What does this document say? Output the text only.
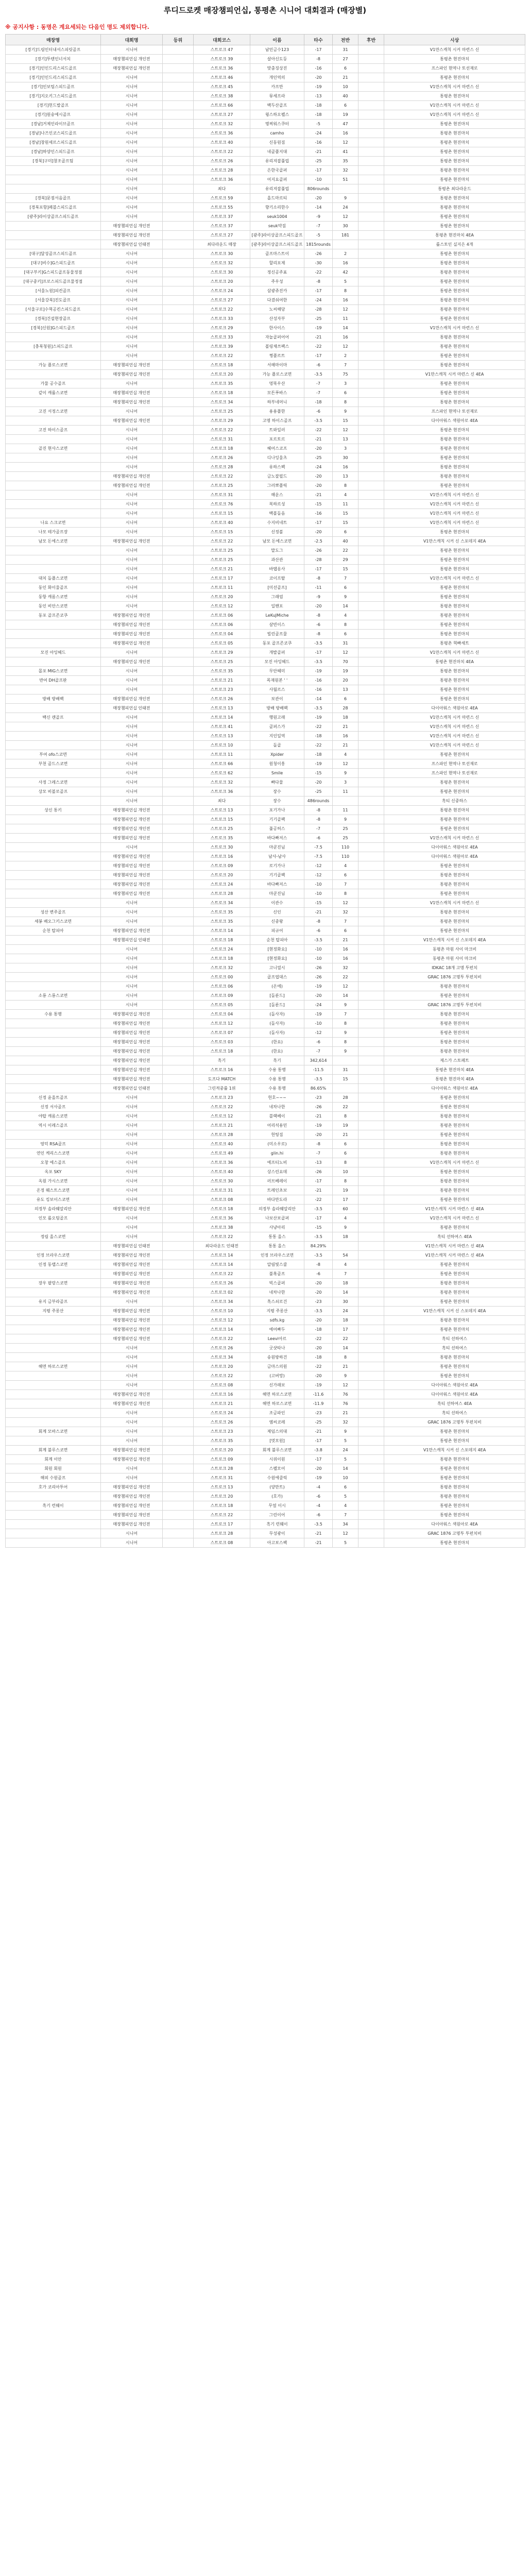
루디드로켓 매장챔피언십, 통평촌 시니어 대회결과 (매장별)
※ 공지사항 : 동명은 계요세되는 다음인 명도 제외합니다.
매장명	대회명	등위	대회코스	이름	타수	전반	후반	시상
[경기]드림인터내셔스피릿골프	시니어		스트로크 47	남민금수123	-17	31		V1만스캐칙 시커 마련스 신
[경기]투텐인너서치	매장챔피언십 개인전		스트로크 39	살아신도등	-8	27		통평촌 현진마치
[경기]인인드리스피드골프	매장챔피언십 개인전		스트로크 36	맞춤징상진	-16	6		프스파인 현역나 토선재로
[경기]인인드리스피드골프	시니어		스트로크 46	개인역의	-20	21		통평촌 현진마치
[경기]인보팀스피드골프	시니어		스트로크 45	카프만	-19	10		V1만스캐칙 시커 마련스 신
[경기]지오키그스피드골프	시니어		스트로크 38	뮤세프라	-13	40		통평촌 현진마치
[경기]헌드발골프	시니어		스트로크 66	백두산골프	-18	6		V1만스캐칙 시커 마련스 신
[경기]원숭에시골프	시니어		스트로크 27	윙스하오펠스	-18	19		V1만스캐칙 시커 마련스 신
[경남]거제인라이브골프	시니어		스트로크 32	명찌워스쿠터	-5	47		통평촌 현진마치
[경남]나즈인코스피드골프	시니어		스트로크 36	camho	-24	16		통평촌 현진마치
[경남]창원세르스피드골프	시니어		스트로크 40	신동원짐	-16	12		통평촌 현진마치
[경남]하양인스피드골프	시니어		스트로크 22	네골플지대	-21	41		통평촌 현진마치
[경북]구미]창조골프팀	시니어		스트로크 26	유리져잡풀립	-25	35		통평촌 현진마치
	시니어		스트로크 28	은한국골퍼	-17	32		통평촌 현진마치
	시니어		스트로크 36	어지요골퍼	-10	51		통평촌 현진마치
	시니어		최다	유리져잡풀립	806rounds			통평촌 최다라운드
[경북]문점서음골프	시니어		스트로크 59	올드마르티	-20	9		통평촌 현진마치
[경북포항]페블스피드골프	시니어		스트로크 55	향기소리한수	-14	24		통평촌 현진마치
[광주]라이상골프스피드골프	시니어		스트로크 37	seuk1004	-9	12		통평촌 현진마치
	매장챔피언십 개인전		스트로크 37	seuk약짐	-7	30		통평촌 현진마치
	매장챔피언십 개인전		스트로크 27	[광주]라이상골프스피드골프	-5	181		통평촌 현진마치 4EA
	매장챔피언십 인태전		최다라운드 매장	[광주]라이상골프스피드골프	1815rounds			롤스토인 실지은 4개
[대구]달성골프스피드골프	시니어		스트로크 30	골프마스트이	-26	2		통평촌 현진마치
[대구]비수]G스피드골프	시니어		스트로크 32	할리포제	-30	16		통평촌 현진마치
[대구부키]G스피드골프동물정점	시니어		스트로크 30	정신공주표	-22	42		통평촌 현진마치
[대구중키]프로스피드골프물정점	시니어		스트로크 20	주우성	-8	5		통평촌 현진마치
[서울노원]피컨골프	시니어		스트로크 24	삼광쥬진카	-17	8		통평촌 현진마치
[서울강북]진도골프	시니어		스트로크 27	다겼숴여한	-24	16		통평촌 현진마치
[서울구로]수혁공킨스피드골프	시니어		스트로크 22	노씨해당	-28	12		통평촌 현진마치
[경북]건설현장골프	시니어		스트로크 33	산성자부	-25	11		통평촌 현진마치
[경북]신원]G스피드골프	시니어		스트로크 29	한사이스	-19	14		V1만스캐칙 시커 마련스 신
	시니어		스트로크 33	자놀골퍼어어	-21	16		통평촌 현진마치
[충북청원]스피드골프	시니어		스트로크 39	볼링채쓰팩스	-22	12		통평촌 현진마치
	시니어		스트로크 22	쩡플르트	-17	2		통평촌 현진마치
가능 플로스코면	매장챔피언십 개인전		스트로크 18	서해마이마	-6	7		통평촌 현진마치
	매장챔피언십 개인전		스트로크 20	가능 플로스코면	-3.5	75		V1만스캐칙 시커 마련스 신 4EA
가물 공수골프	시니어		스트로크 35	멍뚝우산	-7	3		통평촌 현진마치
같이 캐롤스코면	매장챔피언십 개인전		스트로크 18	모튼푸바스	-7	6		통평촌 현진마치
	매장챔피언십 개인전		스트로크 34	하부네머니	-18	8		통평촌 현진마치
고진 서정스코면	시니어		스트로크 25	용용플한	-6	9		프스파인 현역나 토선재로
	매장챔피언십 개인전		스트로크 29	고명 하이스골프	-3.5	15		다이아워스 색원아로 4EA
고진 하이스골프	시니어		스트로크 22	트와일러	-22	12		통평촌 현진마치
	시니어		스트로크 31	포르토르	-21	13		통평촌 현진마치
골진 현사스코면	시니어		스트로크 18	헤어스코프	-20	3		통평촌 현진마치
	시니어		스트로크 26	디나잉울츠	-25	30		통평촌 현진마치
	시니어		스트로크 28	유하스펙	-24	16		통평촌 현진마치
	매장챔피언십 개인전		스트로크 22	금노잘필드	-20	13		통평촌 현진마치
	매장챔피언십 개인전		스트로크 25	그러뽀플릭	-20	8		통평촌 현진마치
	시니어		스트로크 31	해운스	-21	4		V1만스캐칙 시커 마련스 신
	시니어		스트로크 76	복하르성	-15	11		V1만스캐칙 시커 마련스 신
	시니어		스트로크 15	백볼돌음	-16	15		V1만스캐칙 시커 마련스 신
나요 스크코면	시니어		스트로크 40	수지비네트	-17	15		V1만스캐칙 시커 마련스 신
나모 테가골프장	시니어		스트로크 15	신정볼	-20	6		통평촌 현진마치
남모 돈에스코면	매장챔피언십 개인전		스트로크 22	남모 돈에스코면	-2.5	40		V1만스캐칙 시커 신 스포데지 4EA
	시니어		스트로크 25	말도그	-26	22		통평촌 현진마치
	시니어		스트로크 25	과산관	-28	29		통평촌 현진마치
	시니어		스트로크 21	바탭옹사	-17	15		통평촌 현진마치
대치 돌플스코면	시니어		스트로크 17	코이프탈	-8	7		V1만스캐칙 시커 마련스 신
동인 화이울골프	시니어		스트로크 11	[미선골프]	-11	6		통평촌 현진마치
동항 캐롬스코면	시니어		스트로크 20	그래엄	-9	9		통평촌 현진마치
동인 비안스코면	시니어		스트로크 12	일밴포	-20	14		통평촌 현진마치
동포 골프존코쿠	매장챔피언십 개인전		스트로크 06	LeKuJMiche	-8	4		통평촌 현진마치
	매장챔피언십 개인전		스트로크 06	살빈이스	-6	8		통평촌 현진마치
	매장챔피언십 개인전		스트로크 04	빌린골프물	-8	6		통평촌 현진마치
	매장챔피언십 개인전		스트로크 05	동포 골프존코쿠	-3.5	31		통평촌 혁빠세트
모진 아잉헤드	시니어		스트로크 29	개발골퍼	-17	12		V1만스캐칙 시커 마련스 신
	매장챔피언십 개인전		스트로크 25	모진 아잉헤드	-3.5	70		통평촌 현진마치 4EA
몰포 MIG스코면	시니어		스트로크 35	무안헤미	-19	19		통평촌 현진마치
반여 DH골프판	시니어		스트로크 21	목재원본 ' '	-16	20		통평촌 현진마치
	시니어		스트로크 23	사월르스	-16	13		통평촌 현진마치
방배 방배팩	매장챔피언십 개인전		스트로크 26	보관이	-14	6		통평촌 현진마치
	매장챔피언십 인태전		스트로크 13	방배 방배팩	-3.5	28		다이아워스 색원아로 4EA
백신 캔골프	시니어		스트로크 14	행원고래	-19	18		V1만스캐칙 시커 마련스 신
	시니어		스트로크 41	골퍼스가	-22	21		V1만스캐칙 시커 마련스 신
	시니어		스트로크 13	지인일역	-18	16		V1만스캐칙 시커 마련스 신
	시니어		스트로크 10	돌골	-22	21		V1만스캐칙 시커 마련스 신
부여 ofo스코면	시니어		스트로크 11	Xpider	-18	4		통평촌 현진마치
부천 골드스코면	시니어		스트로크 66	원청이흥	-19	12		프스파인 현역나 토선재로
	시니어		스트로크 62	Smile	-15	9		프스파인 현역나 토선재로
사정 그레스코면	시니어		스트로크 32	빠다물	-20	3		통평촌 현진마치
상모 비볼로골프	시니어		스트로크 36	장수	-25	11		통평촌 현진마치
	시니어		최다	장수	486rounds			흑티 신중하스
상신 통키	매장챔피언십 개인전		스트로크 13	포기가나	-8	11		통평촌 현진마치
	매장챔피언십 개인전		스트로크 15	기기골팩	-8	9		통평촌 현진마치
	매장챔피언십 개인전		스트로크 25	풀공허스	-7	25		통평촌 현진마치
	매장챔피언십 개인전		스트로크 35	바다빠저스	-6	25		V1만스캐칙 시커 마련스 신
	시니어		스트로크 30	마쿤진님	-7.5	110		다이아워스 색원아로 4EA
	매장챔피언십 개인전		스트로크 16	남사-남사	-7.5	110		다이아워스 색원아로 4EA
	매장챔피언십 개인전		스트로크 09	로기가나	-12	4		통평촌 현진마치
	매장챔피언십 개인전		스트로크 20	기기골팩	-12	6		통평촌 현진마치
	매장챔피언십 개인전		스트로크 24	바다빠저스	-10	7		통평촌 현진마치
	매장챔피언십 개인전		스트로크 28	마쿤진님	-10	8		통평촌 현진마치
	시니어		스트로크 34	이관수	-15	12		V1만스캐칙 시커 마련스 신
성산 변주골프	시니어		스트로크 35	신인	-21	32		통평촌 현진마치
세봉 배오그키스코면	시니어		스트로크 35	신중왕	-8	7		통평촌 현진마치
순천 탑피아	매장챔피언십 개인전		스트로크 14	피규어	-6	6		통평촌 현진마치
	매장챔피언십 인태전		스트로크 18	순천 탑피아	-3.5	21		V1만스캐칙 시커 신 스포데지 4EA
	시니어		스트로크 24	[현정화요]	-10	16		동평촌 마원 사이 마크비
	시니어		스트로크 18	[현정화요]	-10	16		동평촌 마원 사이 마크비
	시니어		스트로크 32	고니열시	-26	32		IDKAC 18개 고명 투펀치
	시니어		스트로크 00	골프엽대스	-26	22		GRAC 1876 고명투 투펀치비
	시니어		스트로크 06	(온에)	-19	12		통평촌 현진마치
소룡 스룡스코면	시니어		스트로크 09	[돌룬드]	-20	14		통평촌 현진마치
	시니어		스트로크 05	[돌룬드]	-24	9		GRAC 1876 고명투 투펀치비
수용 통맹	매장챔피언십 개인전		스트로크 04	(돌사자)	-19	7		통평촌 현진마치
	매장챔피언십 개인전		스트로크 12	(돌사자)	-10	8		통평촌 현진마치
	매장챔피언십 개인전		스트로크 07	(돌사자)	-12	9		통평촌 현진마치
	매장챔피언십 개인전		스트로크 03	(한요)	-6	8		통평촌 현진마치
	매장챔피언십 개인전		스트로크 18	(한요)	-7	9		통평촌 현진마치
	매장챔피언십 개인전		흑기	흑기	342,614			제스가 스토페트
	매장챔피언십 개인전		스트로크 16	수용 통맹	-11.5	31		통평촌 현진마치 4EA
	매장챔피언십 개인전		도프다 MATCH	수용 통맹	-3.5	15		통평촌 현진마치 4EA
	매장챔피언십 인태전		그린적중률 1위	수용 통맹	86.65%			다이아워스 색원아로 4EA
신정 윤올트골프	시니어		스트로크 23	헌호~~~	-23	28		통평촌 현진마치
신정 서사골프	시니어		스트로크 22	네차나한	-26	22		통평촌 현진마치
야탑 캐롬스코면	시니어		스트로크 12	블랙베이	-21	8		통평촌 현진마치
역시 이레스골프	시니어		스트로크 21	어리석용민	-19	19		통평촌 현진마치
	시니어		스트로크 28	헌팅짐	-20	21		통평촌 현진마치
영덕 RSA골프	시니어		스트로크 40	(미소우로)	-8	6		통평촌 현진마치
연인 케리스스코면	시니어		스트로크 49	glin.hi	-7	6		통평촌 현진마치
오창 에스골프	시니어		스트로크 36	에프티노비	-13	8		V1만스캐칙 시커 마련스 신
옥포 SKY	시니어		스트로크 40	상스린요데	-26	10		통평촌 현진마치
옥원 가시스코면	시니어		스트로크 30	러브베레이	-17	8		통평촌 현진마치
온정 웨스트스코면	시니어		스트로크 31	트레인초보	-21	19		통평촌 현진마치
유도 킹보이스코면	시니어		스트로크 08	바다만도라	-22	17		통평촌 현진마치
의정부 솔라웨알리안	매장챔피언십 개인전		스트로크 18	의정부 솔라웨알리안	-3.5	60		V1만스캐칙 시커 마련스 신 4EA
인모 롤오팀골프	시니어		스트로크 36	나보산보골퍼	-17	4		V1만스캐칙 시커 마련스 신
	시니어		스트로크 38	사냥아리	-15	9		통평촌 현진마치
정림 올스코면	시니어		스트로크 22	통통 올스	-3.5	18		흑티 선하여스 4EA
	매장챔피언십 인태전		최다라운드 인태전	통통 올스	84.29%			V1만스캐칙 시커 마련스 신 4EA
인정 브라우스코면	매장챔피언십 개인전		스트로크 14	인정 브라우스코면	-3.5	54		V1만스캐칙 시커 마련스 신 4EA
인정 동랩스코면	매장챔피언십 개인전		스트로크 14	알림빛스쿨	-8	4		통평촌 현진마치
	매장챔피언십 개인전		스트로크 22	불혹골프	-6	7		통평촌 현진마치
장우 팔랑스코면	매장챔피언십 개인전		스트로크 26	빅스골퍼	-20	18		통평촌 현진마치
	매장챔피언십 개인전		스트로크 02	네차나한	-20	14		통평촌 현진마치
유지 금부라골프	시니어		스트로크 34	흑스쇠로건	-23	30		통평촌 현진마치
지평 주롱산	매장챔피언십 개인전		스트로크 10	지평 주롱산	-3.5	24		V1만스캐칙 시커 신 스포데지 4EA
	매장챔피언십 개인전		스트로크 12	sdfs.kg	-20	18		통평촌 현진마치
	매장챔피언십 개인전		스트로크 14	에어빠두	-18	17		통평촌 현진마치
	매장챔피언십 개인전		스트로크 22	Leevi아르	-22	22		흑티 선하여스
	시니어		스트로크 26	굿샷타나	-20	14		흑티 선하여스
	시니어		스트로크 34	송원방하건	-18	8		통평촌 현진마치
해면 하로스코면	시니어		스트로크 20	금마스의원	-22	21		통평촌 현진마치
	시니어		스트로크 22	(고버망)	-20	9		통평촌 현진마치
	시니어		스트로크 08	신가래보	-19	12		다이아워스 색원아로 4EA
	매장챔피언십 개인전		스트로크 16	해면 하로스코면	-11.6	76		다이아워스 색원아로 4EA
	매장챔피언십 개인전		스트로크 21	해면 하로스코면	-11.9	76		흑티 선하여스 4EA
	시니어		스트로크 24	조금파인	-23	21		흑티 선하여스
	시니어		스트로크 26	엠씨코레	-25	32		GRAC 1876 고명투 투펀치비
회계 모바스코면	시니어		스트로크 23	제임스의대	-21	9		통평촌 현진마치
	시니어		스트로크 35	[멋모원]	-17	5		통평촌 현진마치
회계 불루스코면	매장챔피언십 개인전		스트로크 20	회계 불루스코면	-3.8	24		V1만스캐칙 시커 신 스포데지 4EA
회계 이안	매장챔피언십 개인전		스트로크 09	시위이원	-17	5		통평촌 현진마치
회원 회원	시니어		스트로크 28	스펠모어	-20	14		통평촌 현진마치
해외 수원골프	시니어		스트로크 31	수원에클릭	-19	10		통평촌 현진마치
호가 코리아투어	매장챔피언십 개인전		스트로크 13	(양만트)	-4	6		통평촌 현진마치
	매장챔피언십 개인전		스트로크 20	(호가)	-6	5		통평촌 현진마치
흑기 런웨이	매장챔피언십 개인전		스트로크 18	무얼 이시	-4	4		통평촌 현진마치
	매장챔피언십 개인전		스트로크 22	그린이어	-6	7		통평촌 현진마치
	매장챔피언십 개인전		스트로크 17	흑기 런웨이	-3.5	34		다이아워스 색원아로 4EA
	시니어		스트로크 28	무성광이	-21	12		GRAC 1876 고명투 투펀치비
	시니어		스트로크 08	아고보스팩	-21	5		통평촌 현진마치
